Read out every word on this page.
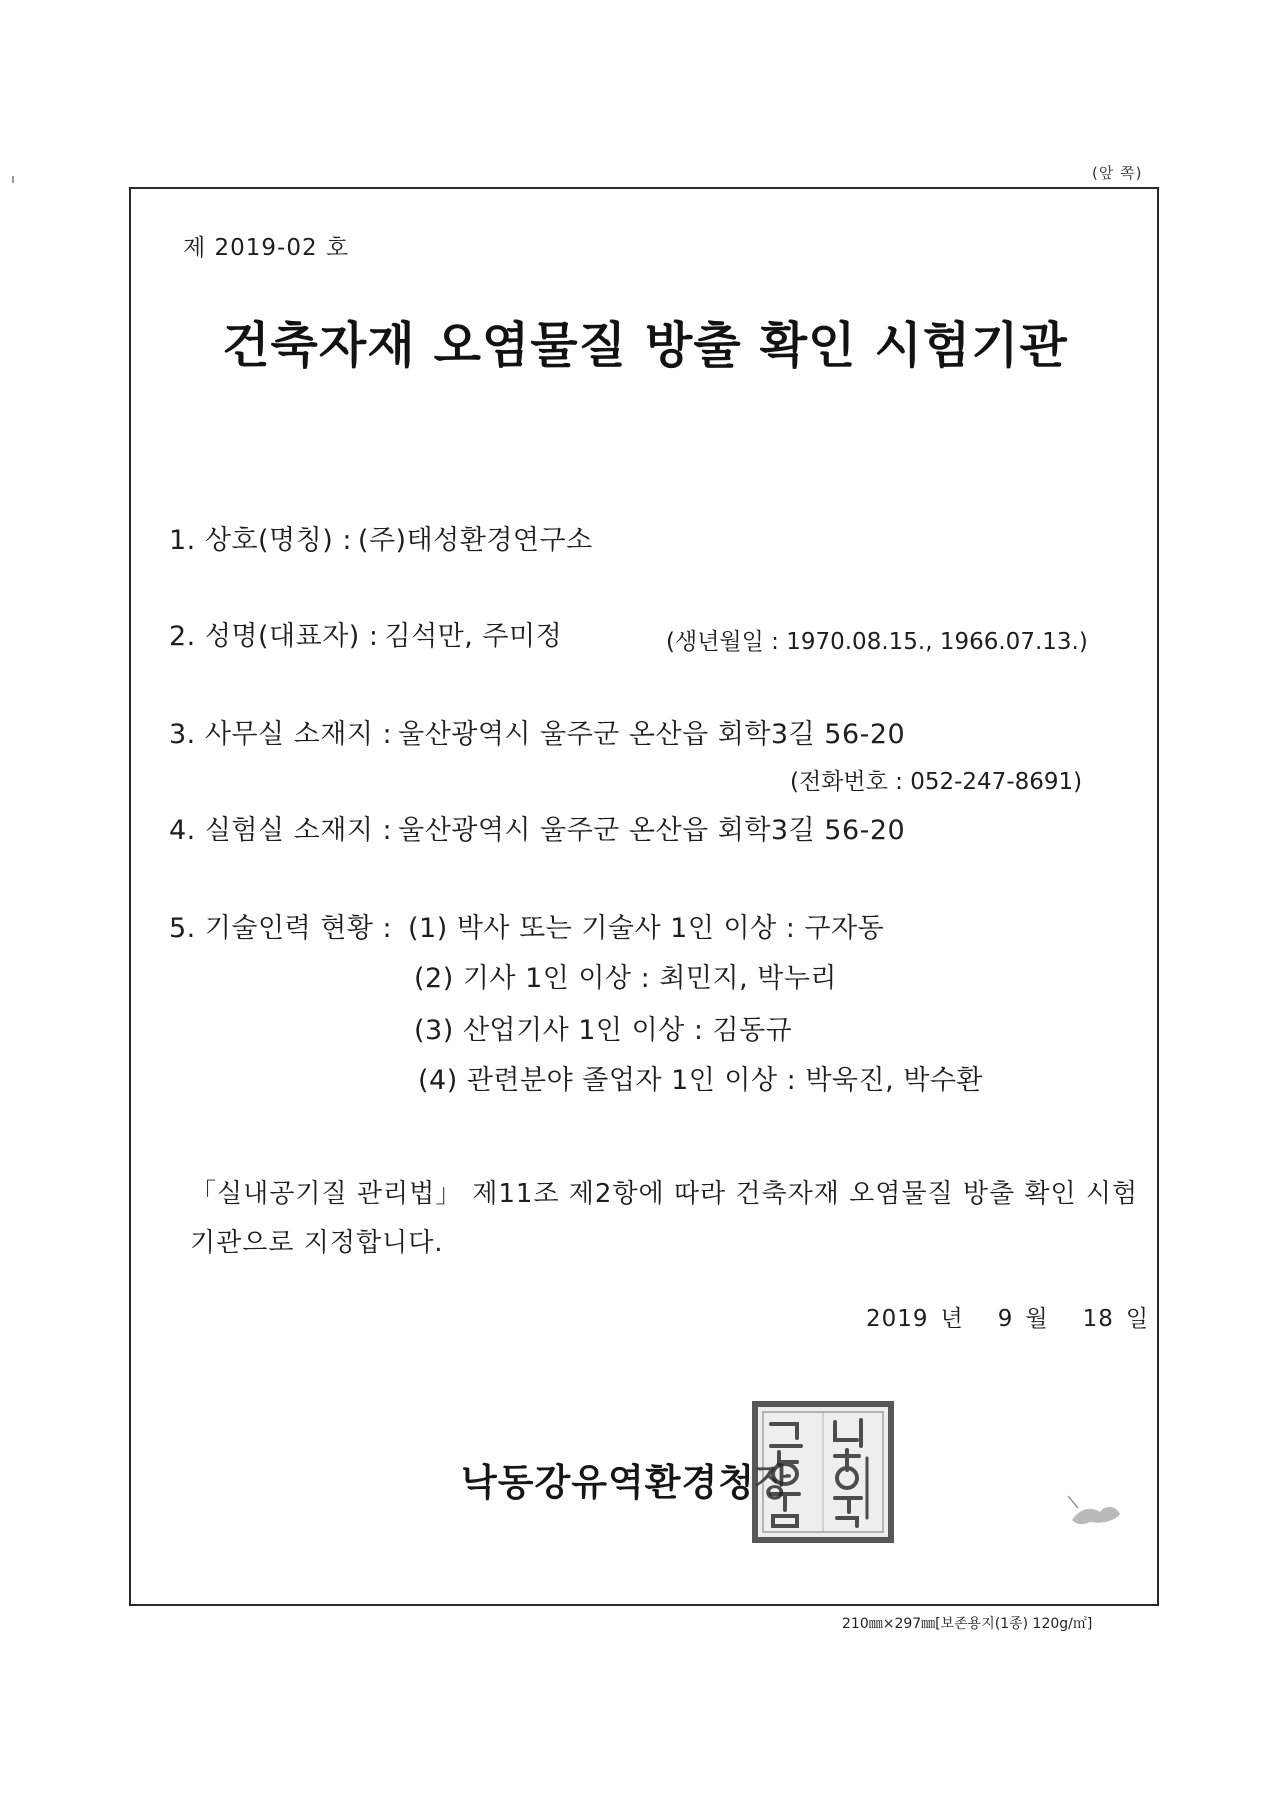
(앞 쪽)
제 2019-02 호
건축자재 오염물질 방출 확인 시험기관
1. 상호(명칭) : (주)태성환경연구소
2. 성명(대표자) : 김석만, 주미정	(생년월일 : 1970.08.15., 1966.07.13.)
3. 사무실 소재지 : 울산광역시 울주군 온산읍 회학3길 56-20
(전화번호 : 052-247-8691)
4. 실험실 소재지 : 울산광역시 울주군 온산읍 회학3길 56-20
5. 기술인력 현황 : (1) 박사 또는 기술사 1인 이상 : 구자동
(2) 기사 1인 이상 : 최민지, 박누리
(3) 산업기사 1인 이상 : 김동규
(4) 관련분야 졸업자 1인 이상 : 박욱진, 박수환
「실내공기질 관리법」 제11조 제2항에 따라 건축자재 오염물질 방출 확인 시험기관으로 지정합니다.
2019 년 9 월 18 일
낙동강유역환경청장
210㎜×297㎜[보존용지(1종) 120g/㎡]
